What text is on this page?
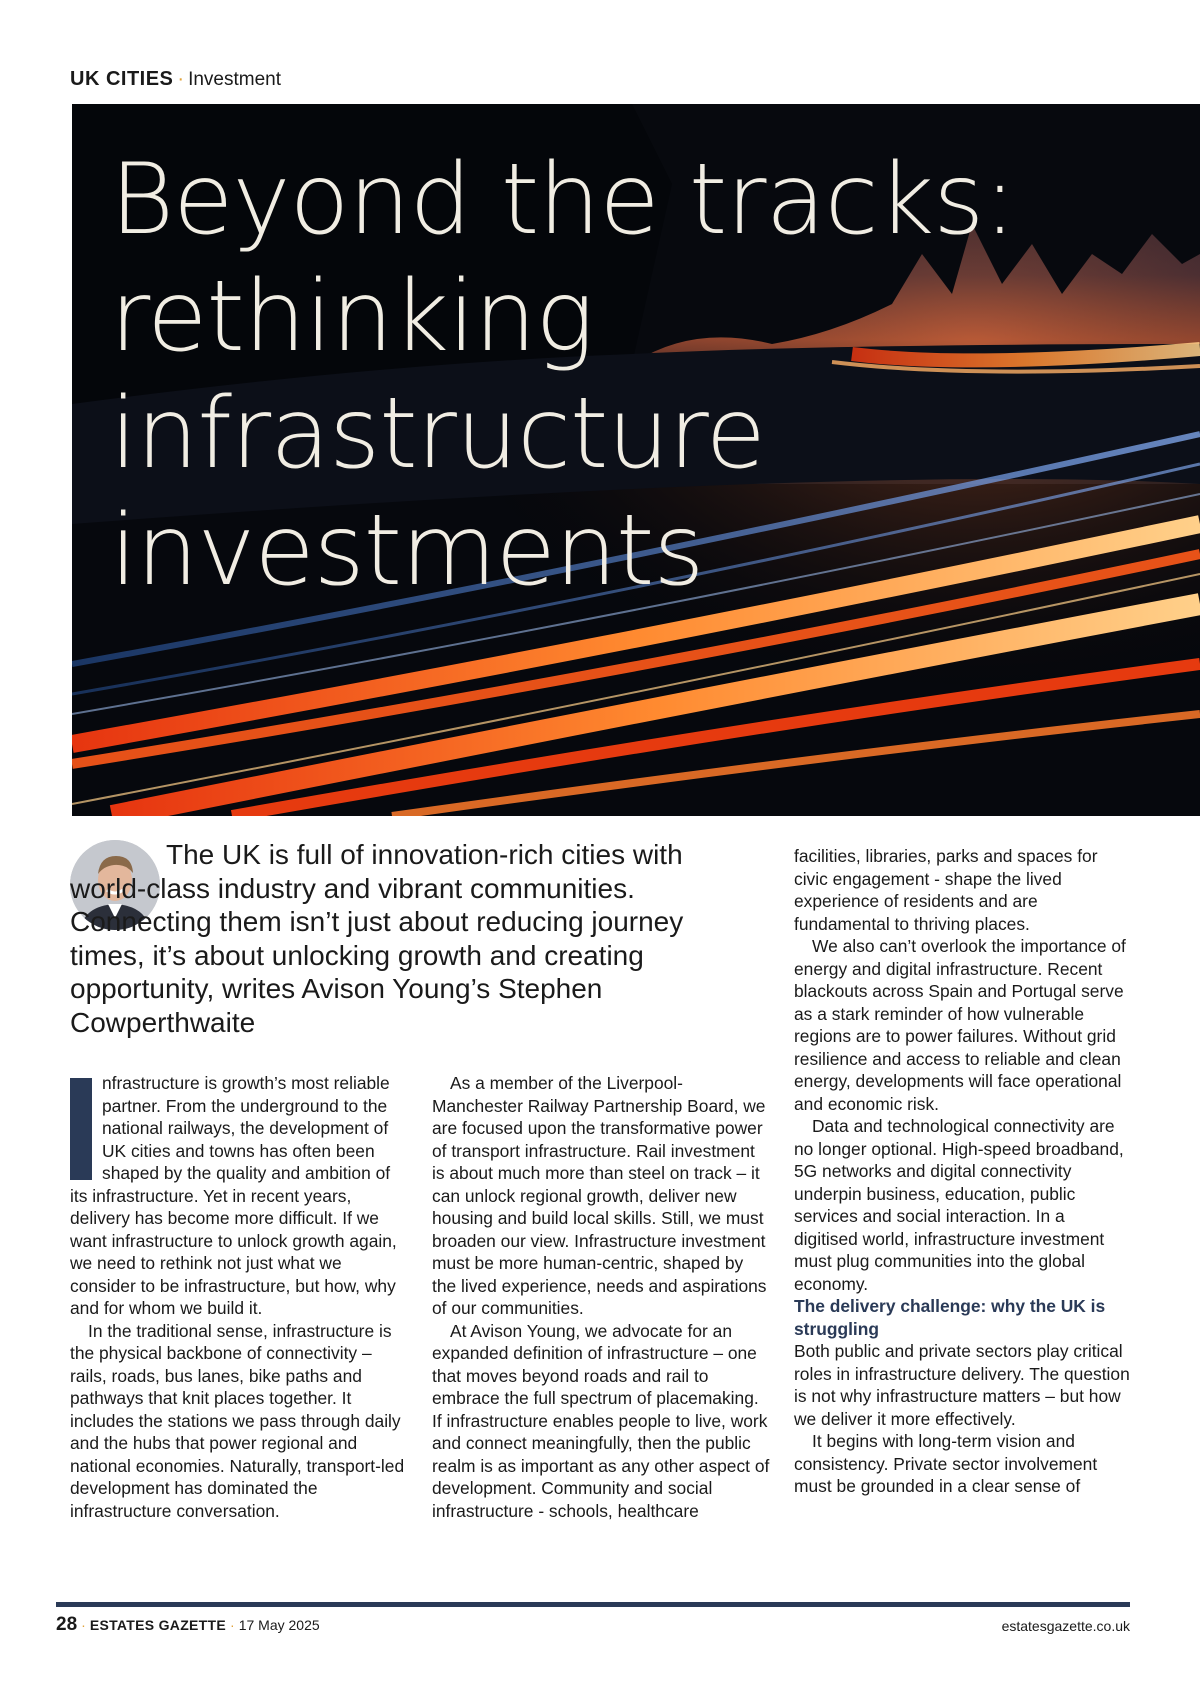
UK CITIES · Investment
Beyond the tracks:
rethinking
infrastructure
investments
The UK is full of innovation-rich cities with world-class industry and vibrant communities. Connecting them isn’t just about reducing journey times, it’s about unlocking growth and creating opportunity, writes Avison Young’s Stephen Cowperthwaite

nfrastructure is growth’s most reliable partner. From the underground to the national railways, the development of UK cities and towns has often been shaped by the quality and ambition of its infrastructure. Yet in recent years, delivery has become more difficult. If we want infrastructure to unlock growth again, we need to rethink not just what we consider to be infrastructure, but how, why and for whom we build it.

In the traditional sense, infrastructure is the physical backbone of connectivity – rails, roads, bus lanes, bike paths and pathways that knit places together. It includes the stations we pass through daily and the hubs that power regional and national economies. Naturally, transport-led development has dominated the infrastructure conversation.

As a member of the Liverpool-Manchester Railway Partnership Board, we are focused upon the transformative power of transport infrastructure. Rail investment is about much more than steel on track – it can unlock regional growth, deliver new housing and build local skills. Still, we must broaden our view. Infrastructure investment must be more human-centric, shaped by the lived experience, needs and aspirations of our communities.

At Avison Young, we advocate for an expanded definition of infrastructure – one that moves beyond roads and rail to embrace the full spectrum of placemaking. If infrastructure enables people to live, work and connect meaningfully, then the public realm is as important as any other aspect of development. Community and social infrastructure - schools, healthcare

facilities, libraries, parks and spaces for civic engagement - shape the lived experience of residents and are fundamental to thriving places.

We also can’t overlook the importance of energy and digital infrastructure. Recent blackouts across Spain and Portugal serve as a stark reminder of how vulnerable regions are to power failures. Without grid resilience and access to reliable and clean energy, developments will face operational and economic risk.

Data and technological connectivity are no longer optional. High-speed broadband, 5G networks and digital connectivity underpin business, education, public services and social interaction. In a digitised world, infrastructure investment must plug communities into the global economy.

The delivery challenge: why the UK is struggling

Both public and private sectors play critical roles in infrastructure delivery. The question is not why infrastructure matters – but how we deliver it more effectively.

It begins with long-term vision and consistency. Private sector involvement must be grounded in a clear sense of

28 · ESTATES GAZETTE · 17 May 2025	estatesgazette.co.uk
